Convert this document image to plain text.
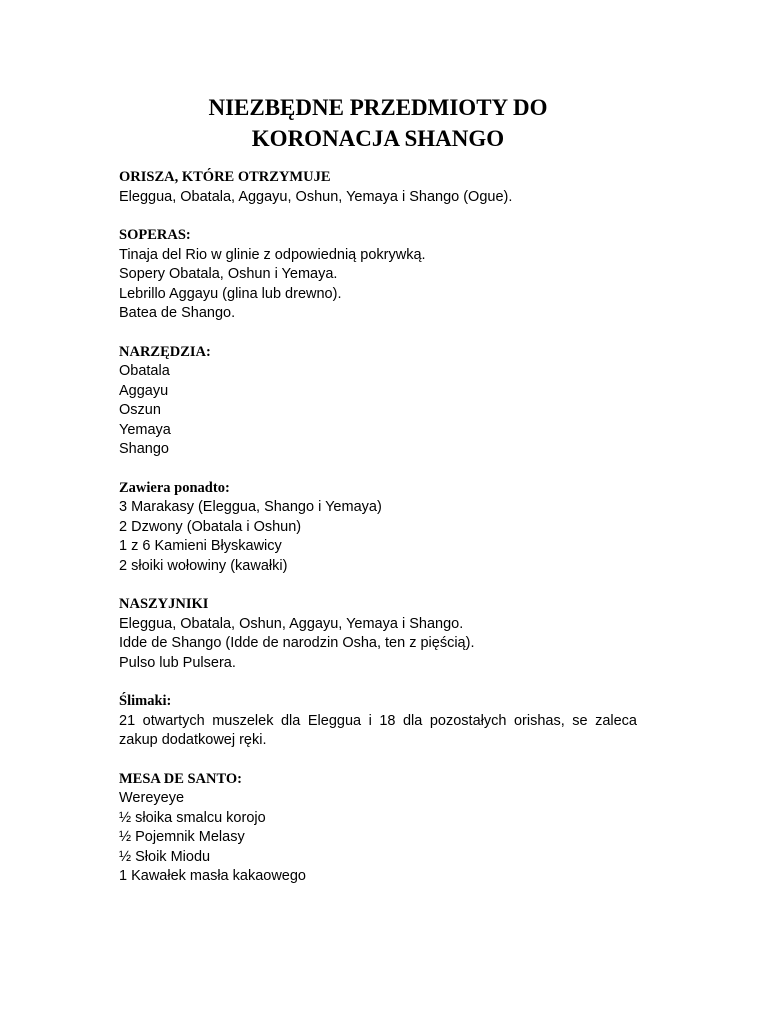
NIEZBĘDNE PRZEDMIOTY DO
KORONACJA SHANGO

ORISZA, KTÓRE OTRZYMUJE

Eleggua, Obatala, Aggayu, Oshun, Yemaya i Shango (Ogue).

SOPERAS:

Tinaja del Rio w glinie z odpowiednią pokrywką.

Sopery Obatala, Oshun i Yemaya.

Lebrillo Aggayu (glina lub drewno).

Batea de Shango.

NARZĘDZIA:

Obatala

Aggayu

Oszun

Yemaya

Shango

Zawiera ponadto:

3 Marakasy (Eleggua, Shango i Yemaya)

2 Dzwony (Obatala i Oshun)

1 z 6 Kamieni Błyskawicy

2 słoiki wołowiny (kawałki)

NASZYJNIKI

Eleggua, Obatala, Oshun, Aggayu, Yemaya i Shango.

Idde de Shango (Idde de narodzin Osha, ten z pięścią).

Pulso lub Pulsera.

Ślimaki:

21 otwartych muszelek dla Eleggua i 18 dla pozostałych orishas, se zaleca zakup dodatkowej ręki.

MESA DE SANTO:

Wereyeye

½ słoika smalcu korojo

½ Pojemnik Melasy

½ Słoik Miodu

1 Kawałek masła kakaowego
